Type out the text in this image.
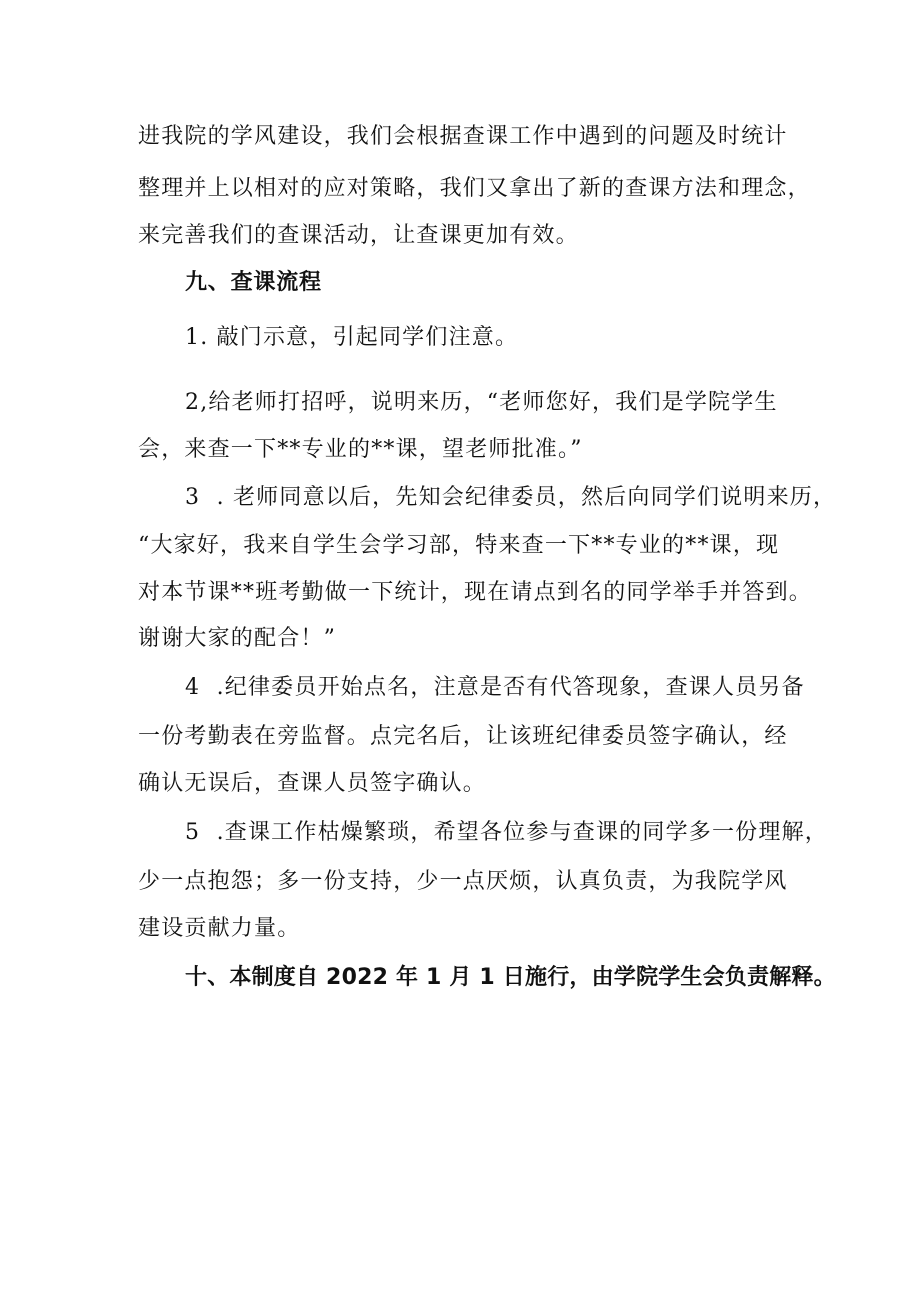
进我院的学风建设，我们会根据查课工作中遇到的问题及时统计
整理并上以相对的应对策略，我们又拿出了新的查课方法和理念，
来完善我们的查课活动，让查课更加有效。
九、查课流程
1. 敲门示意，引起同学们注意。
2,给老师打招呼，说明来历，“老师您好，我们是学院学生
会，来查一下**专业的**课，望老师批准。”
3  . 老师同意以后，先知会纪律委员，然后向同学们说明来历，
“大家好，我来自学生会学习部，特来查一下**专业的**课，现
对本节课**班考勤做一下统计，现在请点到名的同学举手并答到。
谢谢大家的配合！”
4  .纪律委员开始点名，注意是否有代答现象，查课人员另备
一份考勤表在旁监督。点完名后，让该班纪律委员签字确认，经
确认无误后，查课人员签字确认。
5  .查课工作枯燥繁琐，希望各位参与查课的同学多一份理解，
少一点抱怨；多一份支持，少一点厌烦，认真负责，为我院学风
建设贡献力量。
十、本制度自 2022 年 1 月 1 日施行，由学院学生会负责解释。
